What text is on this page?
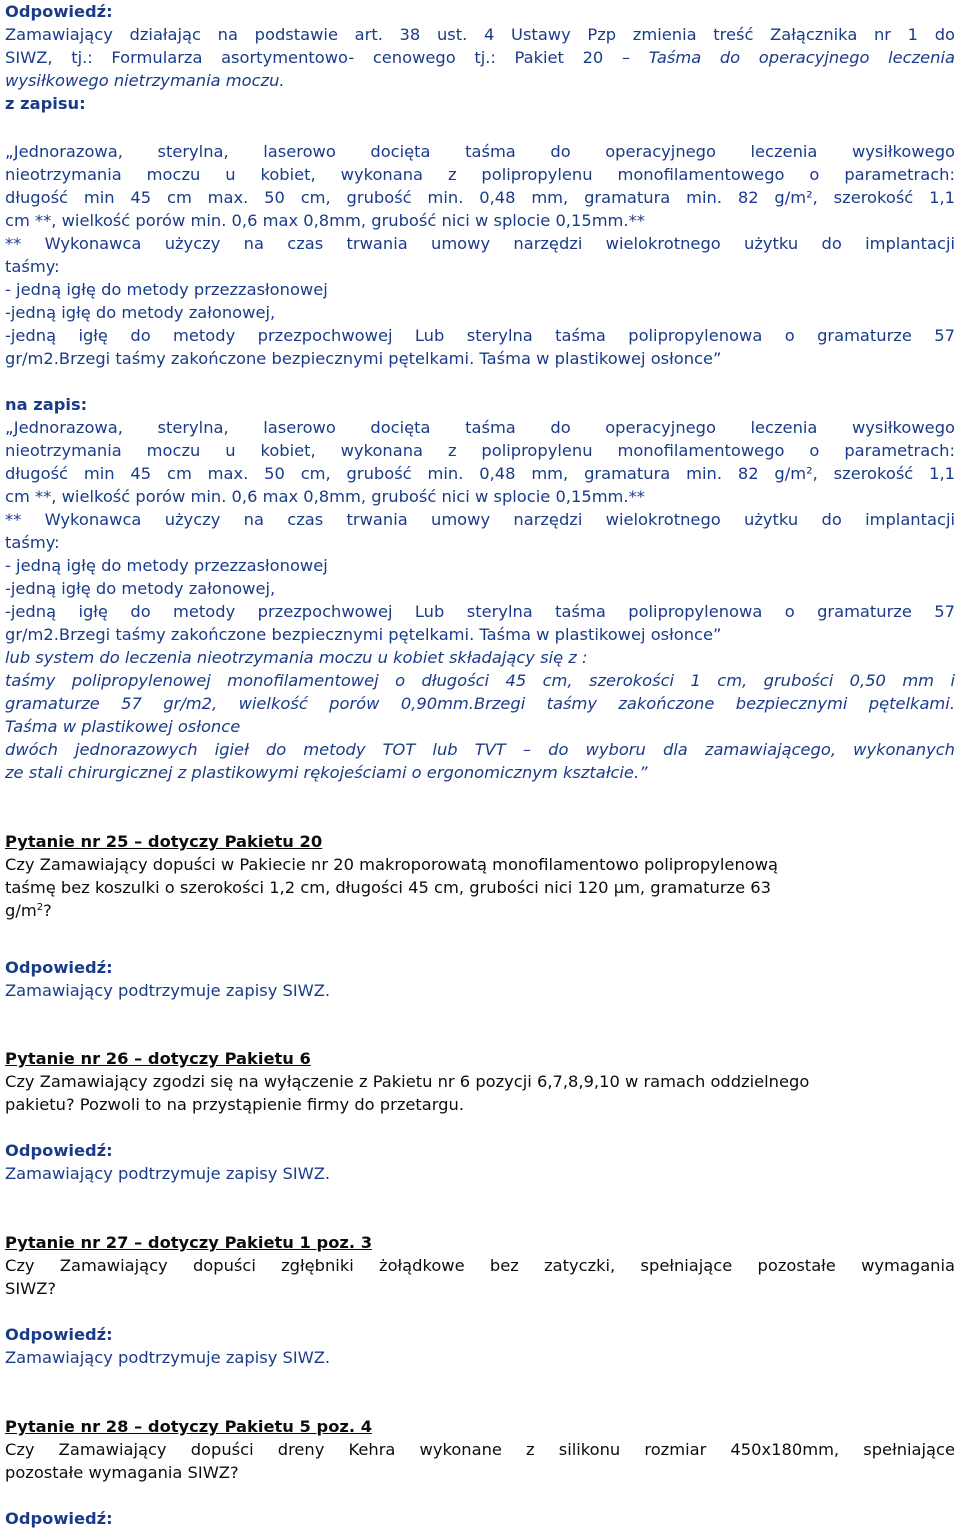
Odpowiedź:
Zamawiający działając na podstawie art. 38 ust. 4 Ustawy Pzp zmienia treść Załącznika nr 1 do
SIWZ, tj.: Formularza asortymentowo- cenowego tj.: Pakiet 20 – Taśma do operacyjnego leczenia
wysiłkowego nietrzymania moczu.
z zapisu:
„Jednorazowa, sterylna, laserowo docięta taśma do operacyjnego leczenia wysiłkowego
nieotrzymania moczu u kobiet, wykonana z polipropylenu monofilamentowego o parametrach:
długość min 45 cm max. 50 cm, grubość min. 0,48 mm, gramatura min. 82 g/m², szerokość 1,1
cm **, wielkość porów min. 0,6 max 0,8mm, grubość nici w splocie 0,15mm.**
** Wykonawca użyczy na czas trwania umowy narzędzi wielokrotnego użytku do implantacji
taśmy:
- jedną igłę do metody przezzasłonowej
-jedną igłę do metody załonowej,
-jedną igłę do metody przezpochwowej Lub sterylna taśma polipropylenowa o gramaturze 57
gr/m2.Brzegi taśmy zakończone bezpiecznymi pętelkami. Taśma w plastikowej osłonce”
na zapis:
„Jednorazowa, sterylna, laserowo docięta taśma do operacyjnego leczenia wysiłkowego
nieotrzymania moczu u kobiet, wykonana z polipropylenu monofilamentowego o parametrach:
długość min 45 cm max. 50 cm, grubość min. 0,48 mm, gramatura min. 82 g/m², szerokość 1,1
cm **, wielkość porów min. 0,6 max 0,8mm, grubość nici w splocie 0,15mm.**
** Wykonawca użyczy na czas trwania umowy narzędzi wielokrotnego użytku do implantacji
taśmy:
- jedną igłę do metody przezzasłonowej
-jedną igłę do metody załonowej,
-jedną igłę do metody przezpochwowej Lub sterylna taśma polipropylenowa o gramaturze 57
gr/m2.Brzegi taśmy zakończone bezpiecznymi pętelkami. Taśma w plastikowej osłonce”
lub system do leczenia nieotrzymania moczu u kobiet składający się z :
taśmy polipropylenowej monofilamentowej o długości 45 cm, szerokości 1 cm, grubości 0,50 mm i
gramaturze 57 gr/m2, wielkość porów 0,90mm.Brzegi taśmy zakończone bezpiecznymi pętelkami.
Taśma w plastikowej osłonce
dwóch jednorazowych igieł do metody TOT lub TVT – do wyboru dla zamawiającego, wykonanych
ze stali chirurgicznej z plastikowymi rękojeściami o ergonomicznym kształcie.”
Pytanie nr 25 – dotyczy Pakietu 20
Czy Zamawiający dopuści w Pakiecie nr 20 makroporowatą monofilamentowo polipropylenową
taśmę bez koszulki o szerokości 1,2 cm, długości 45 cm, grubości nici 120 µm, gramaturze 63
$g/m^2$?
Odpowiedź:
Zamawiający podtrzymuje zapisy SIWZ.
Pytanie nr 26 – dotyczy Pakietu 6
Czy Zamawiający zgodzi się na wyłączenie z Pakietu nr 6 pozycji 6,7,8,9,10 w ramach oddzielnego
pakietu? Pozwoli to na przystąpienie firmy do przetargu.
Odpowiedź:
Zamawiający podtrzymuje zapisy SIWZ.
Pytanie nr 27 – dotyczy Pakietu 1 poz. 3
Czy Zamawiający dopuści zgłębniki żołądkowe bez zatyczki, spełniające pozostałe wymagania
SIWZ?
Odpowiedź:
Zamawiający podtrzymuje zapisy SIWZ.
Pytanie nr 28 – dotyczy Pakietu 5 poz. 4
Czy Zamawiający dopuści dreny Kehra wykonane z silikonu rozmiar 450x180mm, spełniające
pozostałe wymagania SIWZ?
Odpowiedź:
